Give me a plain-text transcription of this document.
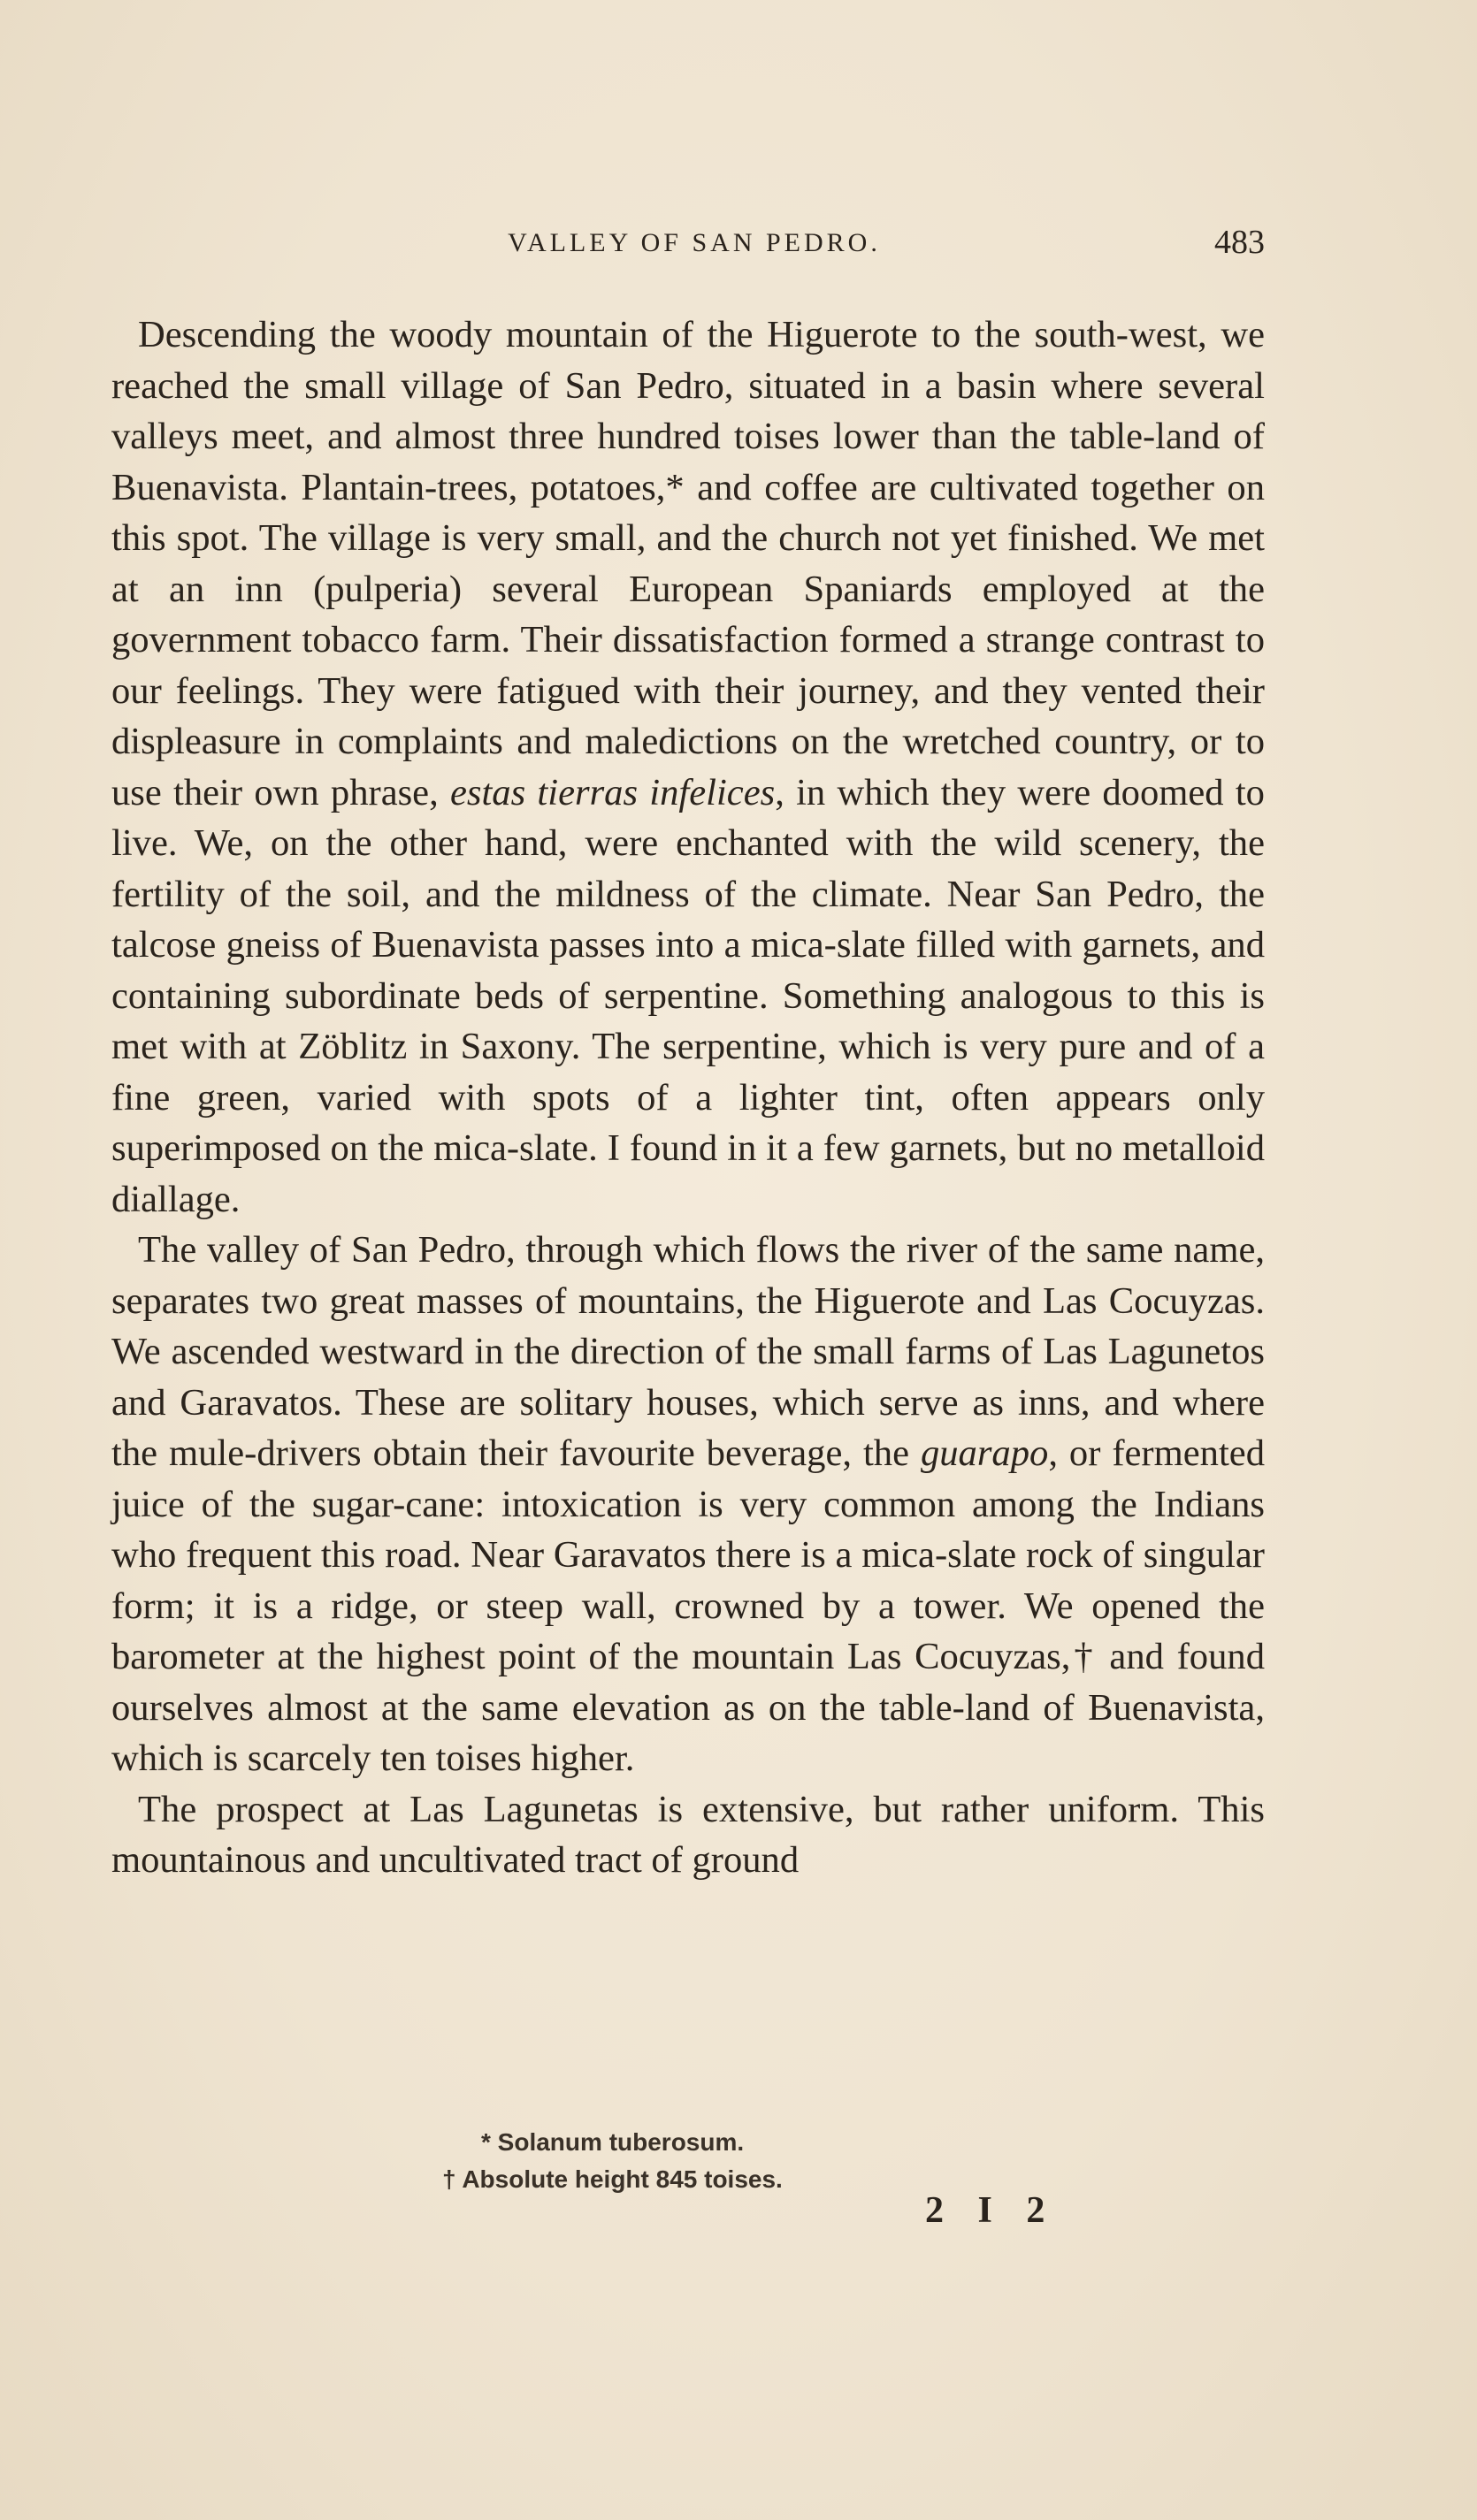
VALLEY OF SAN PEDRO.	483

Descending the woody mountain of the Higuerote to the south-west, we reached the small village of San Pedro, situated in a basin where several valleys meet, and almost three hundred toises lower than the table-land of Buenavista. Plantain-trees, potatoes,* and coffee are cultivated together on this spot. The village is very small, and the church not yet finished. We met at an inn (pulperia) several European Spaniards employed at the government tobacco farm. Their dissatisfaction formed a strange contrast to our feelings. They were fatigued with their journey, and they vented their displeasure in complaints and maledictions on the wretched country, or to use their own phrase, estas tierras infelices, in which they were doomed to live. We, on the other hand, were enchanted with the wild scenery, the fertility of the soil, and the mildness of the climate. Near San Pedro, the talcose gneiss of Buenavista passes into a mica-slate filled with garnets, and containing subordinate beds of serpentine. Something analogous to this is met with at Zöblitz in Saxony. The serpentine, which is very pure and of a fine green, varied with spots of a lighter tint, often appears only superimposed on the mica-slate. I found in it a few garnets, but no metalloid diallage.

The valley of San Pedro, through which flows the river of the same name, separates two great masses of mountains, the Higuerote and Las Cocuyzas. We ascended westward in the direction of the small farms of Las Lagunetos and Garavatos. These are solitary houses, which serve as inns, and where the mule-drivers obtain their favourite beverage, the guarapo, or fermented juice of the sugar-cane: intoxication is very common among the Indians who frequent this road. Near Garavatos there is a mica-slate rock of singular form; it is a ridge, or steep wall, crowned by a tower. We opened the barometer at the highest point of the mountain Las Cocuyzas,† and found ourselves almost at the same elevation as on the table-land of Buenavista, which is scarcely ten toises higher.

The prospect at Las Lagunetas is extensive, but rather uniform. This mountainous and uncultivated tract of ground

* Solanum tuberosum.
† Absolute height 845 toises.
2 I 2
